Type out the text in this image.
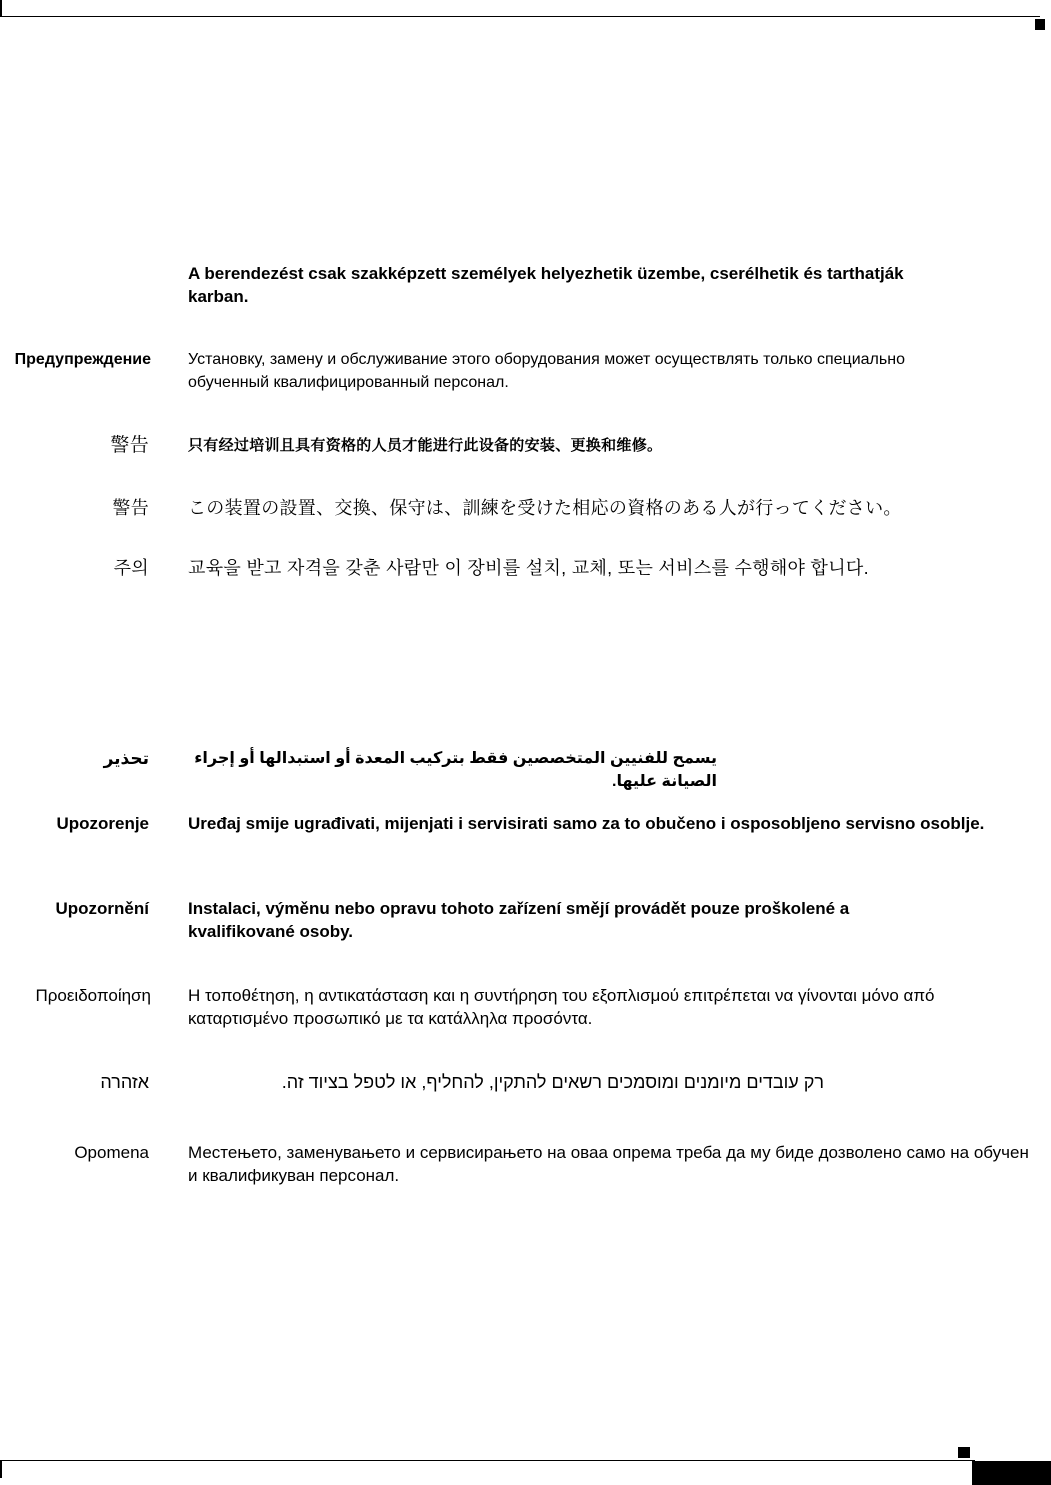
A berendezést csak szakképzett személyek helyezhetik üzembe, cserélhetik és tarthatják karban.
Предупреждение Установку, замену и обслуживание этого оборудования может осуществлять только специально обученный квалифицированный персонал.
警告	只有经过培训且具有资格的人员才能进行此设备的安装、更换和维修。
警告 この装置の設置、交換、保守は、訓練を受けた相応の資格のある人が行ってください。
주의 교육을 받고 자격을 갖춘 사람만 이 장비를 설치, 교체, 또는 서비스를 수행해야 합니다.
تحذير	يسمح للفنيين المتخصصين فقط بتركيب المعدة أو استبدالها أو إجراء الصيانة عليها.
Upozorenje Uređaj smije ugrađivati, mijenjati i servisirati samo za to obučeno i osposobljeno servisno osoblje.
Upozornění Instalaci, výměnu nebo opravu tohoto zařízení smějí provádět pouze proškolené a kvalifikované osoby.
Προειδοποίηση Η τοποθέτηση, η αντικατάσταση και η συντήρηση του εξοπλισμού επιτρέπεται να γίνονται μόνο από καταρτισμένο προσωπικό με τα κατάλληλα προσόντα.
אזהרה	רק עובדים מיומנים ומוסמכים רשאים להתקין, להחליף, או לטפל בציוד זה.
Opomena Местењето, заменувањето и сервисирањето на оваа опрема треба да му биде дозволено само на обучен и квалификуван персонал.
